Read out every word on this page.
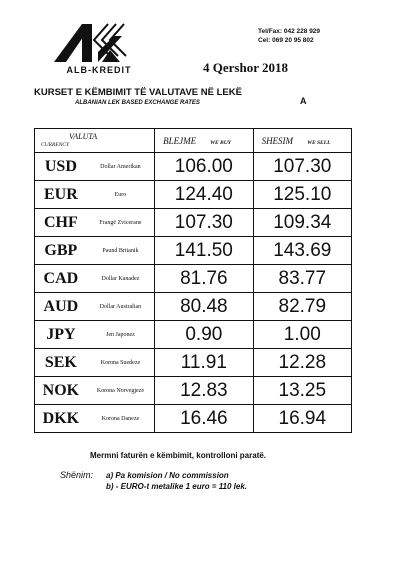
ALB-KREDIT
Tel/Fax: 042 228 929
Cel: 069 20 95 802
4 Qershor 2018
KURSET E KËMBIMIT TË VALUTAVE NË LEKË
ALBANIAN LEK BASED EXCHANGE RATES	A
VALUTA
CURRENCY		BLEJME WE BUY	SHESIM WE SELL
USD	Dollar Amerikan	106.00	107.30
EUR	Euro	124.40	125.10
CHF	Frangë Zvicerane	107.30	109.34
GBP	Paund Britanik	141.50	143.69
CAD	Dollar Kanadez	81.76	83.77
AUD	Dollar Australian	80.48	82.79
JPY	Jen Japonez	0.90	1.00
SEK	Korona Suedeze	11.91	12.28
NOK	Korona Norvegjeze	12.83	13.25
DKK	Korona Daneze	16.46	16.94
Mermni faturën e këmbimit, kontrolloni paratë.
Shënim: a) Pa komision / No commission
b) - EURO-t metalike 1 euro = 110 lek.
